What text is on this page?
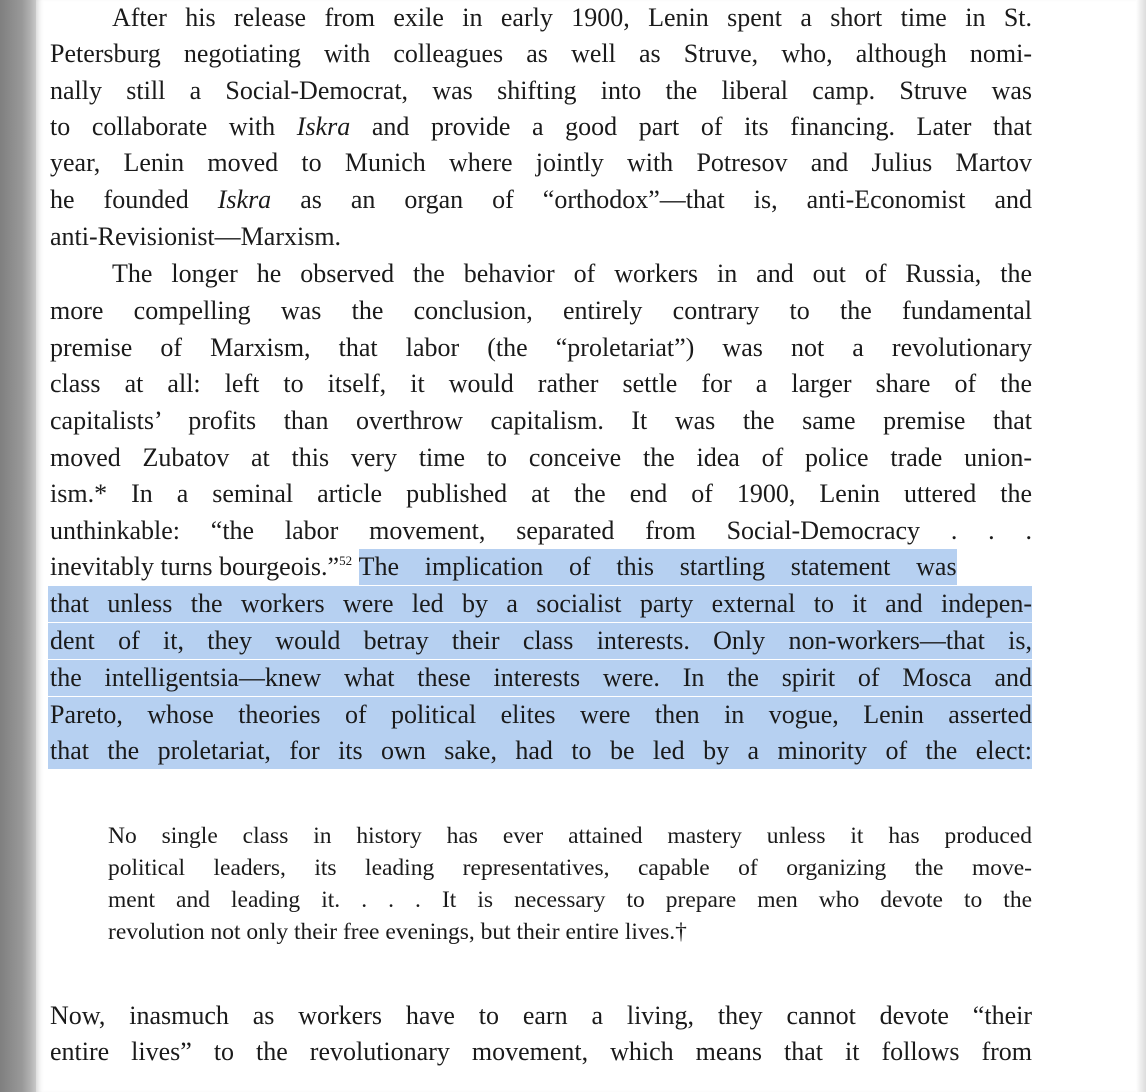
After his release from exile in early 1900, Lenin spent a short time in St.
Petersburg negotiating with colleagues as well as Struve, who, although nomi-
nally still a Social-Democrat, was shifting into the liberal camp. Struve was
to collaborate with Iskra and provide a good part of its financing. Later that
year, Lenin moved to Munich where jointly with Potresov and Julius Martov
he founded Iskra as an organ of “orthodox”—that is, anti-Economist and
anti-Revisionist—Marxism.
The longer he observed the behavior of workers in and out of Russia, the
more compelling was the conclusion, entirely contrary to the fundamental
premise of Marxism, that labor (the “proletariat”) was not a revolutionary
class at all: left to itself, it would rather settle for a larger share of the
capitalists’ profits than overthrow capitalism. It was the same premise that
moved Zubatov at this very time to conceive the idea of police trade union-
ism.* In a seminal article published at the end of 1900, Lenin uttered the
unthinkable: “the labor movement, separated from Social-Democracy . . .
inevitably turns bourgeois.”$^{52}$ The implication of this startling statement was
that unless the workers were led by a socialist party external to it and indepen-
dent of it, they would betray their class interests. Only non-workers—that is,
the intelligentsia—knew what these interests were. In the spirit of Mosca and
Pareto, whose theories of political elites were then in vogue, Lenin asserted
that the proletariat, for its own sake, had to be led by a minority of the elect:
No single class in history has ever attained mastery unless it has produced
political leaders, its leading representatives, capable of organizing the move-
ment and leading it. . . . It is necessary to prepare men who devote to the
revolution not only their free evenings, but their entire lives.†
Now, inasmuch as workers have to earn a living, they cannot devote “their
entire lives” to the revolutionary movement, which means that it follows from
